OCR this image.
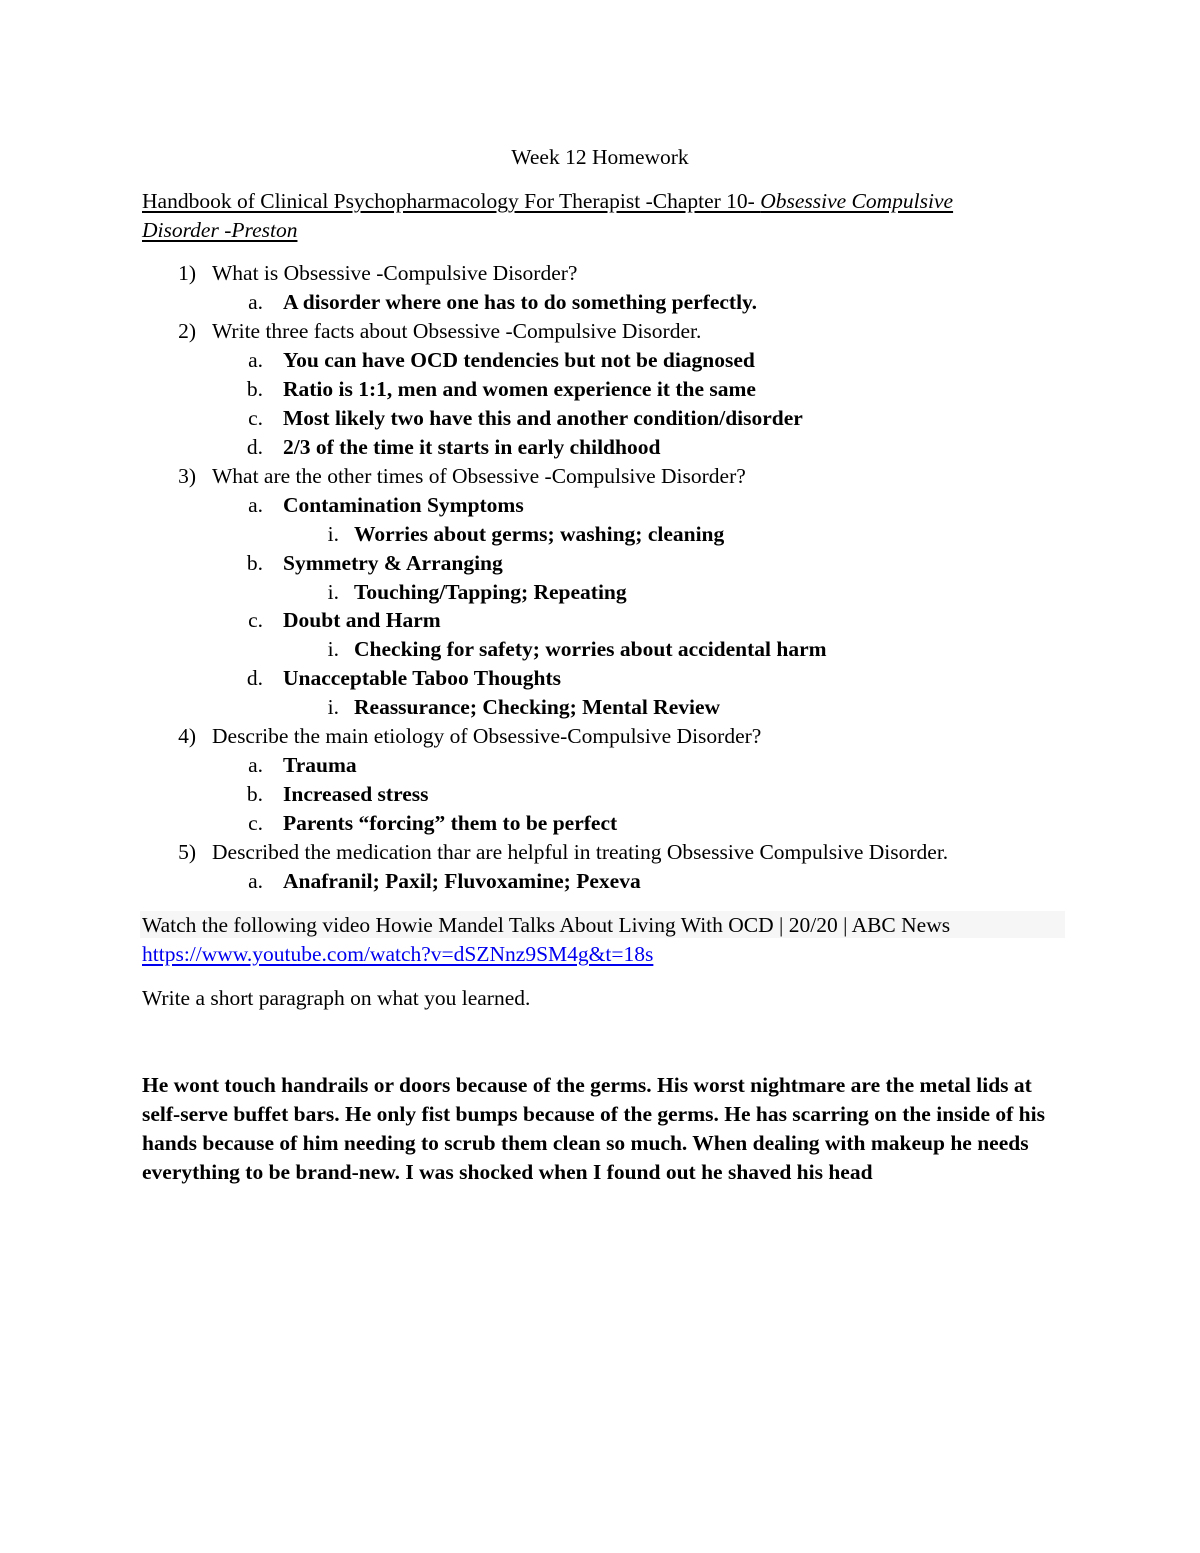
Week 12 Homework
Handbook of Clinical Psychopharmacology For Therapist -Chapter 10- Obsessive Compulsive
Disorder -Preston
1) What is Obsessive -Compulsive Disorder?
a. A disorder where one has to do something perfectly.
2) Write three facts about Obsessive -Compulsive Disorder.
a. You can have OCD tendencies but not be diagnosed
b. Ratio is 1:1, men and women experience it the same
c. Most likely two have this and another condition/disorder
d. 2/3 of the time it starts in early childhood
3) What are the other times of Obsessive -Compulsive Disorder?
a. Contamination Symptoms
i. Worries about germs; washing; cleaning
b. Symmetry & Arranging
i. Touching/Tapping; Repeating
c. Doubt and Harm
i. Checking for safety; worries about accidental harm
d. Unacceptable Taboo Thoughts
i. Reassurance; Checking; Mental Review
4) Describe the main etiology of Obsessive-Compulsive Disorder?
a. Trauma
b. Increased stress
c. Parents “forcing” them to be perfect
5) Described the medication thar are helpful in treating Obsessive Compulsive Disorder.
a. Anafranil; Paxil; Fluvoxamine; Pexeva
Watch the following video Howie Mandel Talks About Living With OCD | 20/20 | ABC News
https://www.youtube.com/watch?v=dSZNnz9SM4g&t=18s
Write a short paragraph on what you learned.
He wont touch handrails or doors because of the germs. His worst nightmare are the metal lids at self-serve buffet bars. He only fist bumps because of the germs. He has scarring on the inside of his hands because of him needing to scrub them clean so much. When dealing with makeup he needs everything to be brand-new. I was shocked when I found out he shaved his head
